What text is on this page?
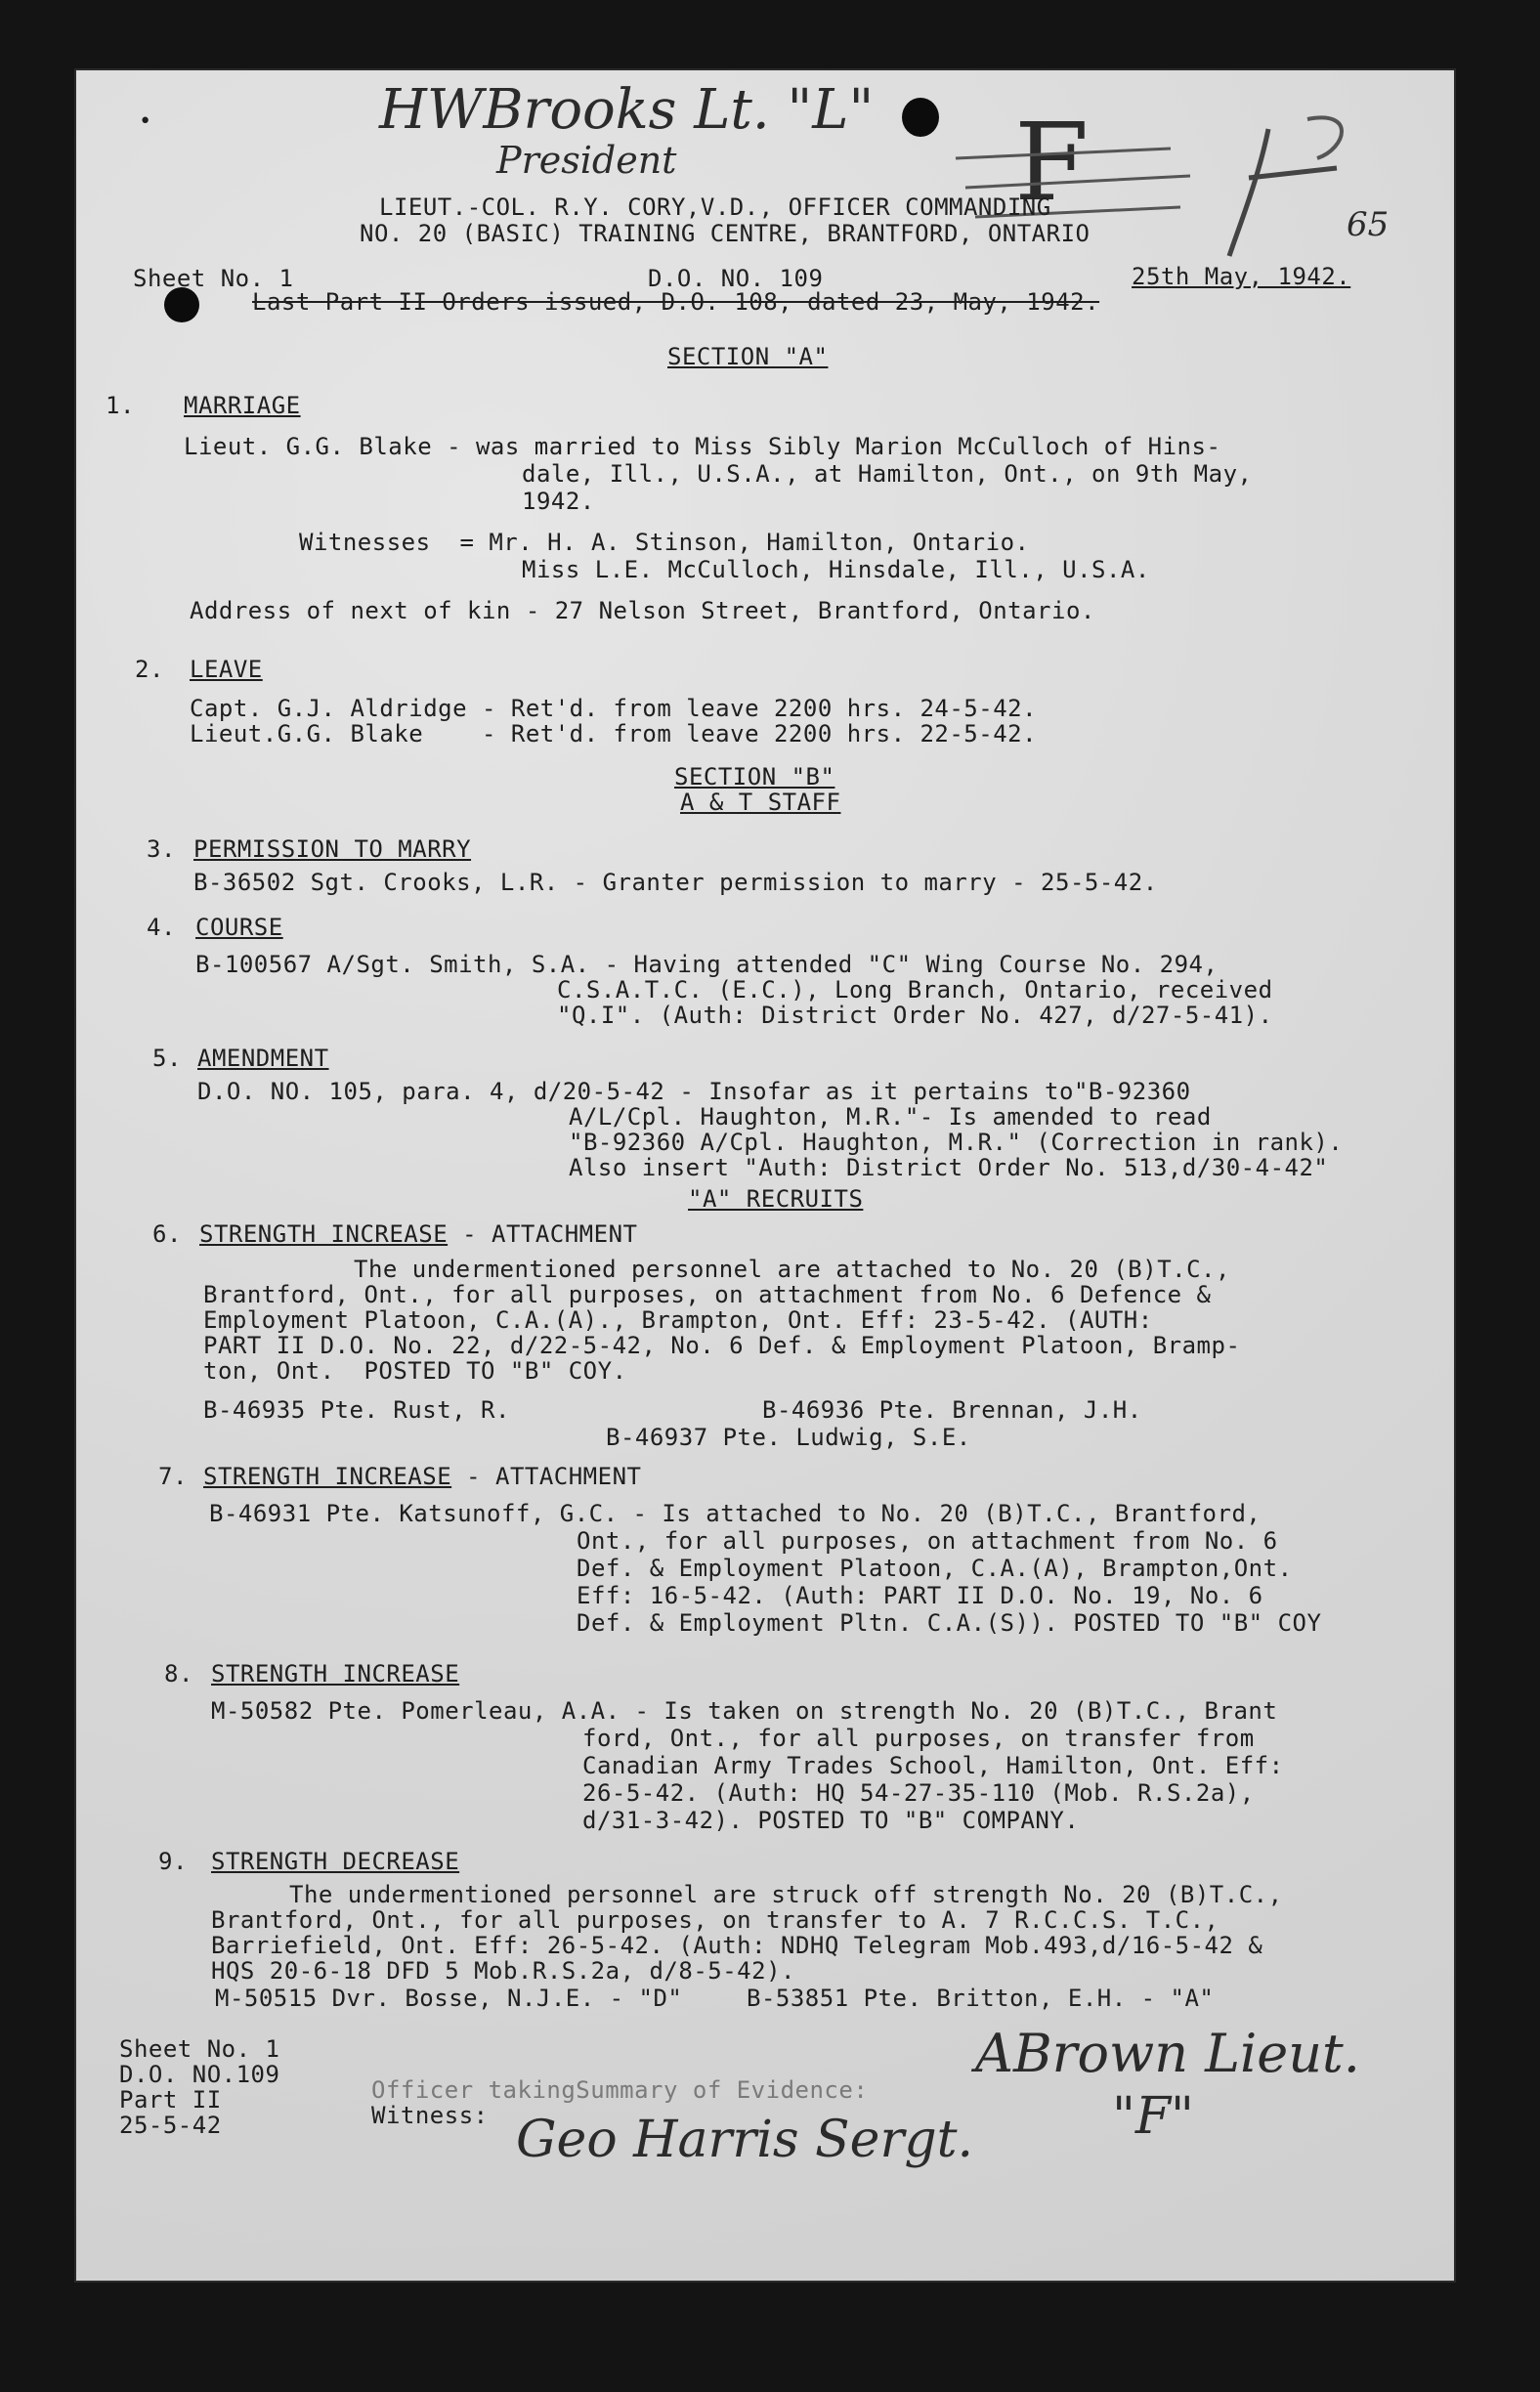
•	HWBrooks Lt. "L"
President	F	65
LIEUT.-COL. R.Y. CORY,V.D., OFFICER COMMANDING
NO. 20 (BASIC) TRAINING CENTRE, BRANTFORD, ONTARIO
Sheet No. 1	D.O. NO. 109	25th May, 1942.
Last Part II Orders issued, D.O. 108, dated 23, May, 1942.
SECTION "A"
1. MARRIAGE
Lieut. G.G. Blake - was married to Miss Sibly Marion McCulloch of Hins-
dale, Ill., U.S.A., at Hamilton, Ont., on 9th May,
1942.
Witnesses  = Mr. H. A. Stinson, Hamilton, Ontario.
Miss L.E. McCulloch, Hinsdale, Ill., U.S.A.
Address of next of kin - 27 Nelson Street, Brantford, Ontario.
2. LEAVE
Capt. G.J. Aldridge - Ret'd. from leave 2200 hrs. 24-5-42.
Lieut.G.G. Blake    - Ret'd. from leave 2200 hrs. 22-5-42.
SECTION "B"
A & T STAFF
3. PERMISSION TO MARRY
B-36502 Sgt. Crooks, L.R. - Granter permission to marry - 25-5-42.
4. COURSE
B-100567 A/Sgt. Smith, S.A. - Having attended "C" Wing Course No. 294,
C.S.A.T.C. (E.C.), Long Branch, Ontario, received
"Q.I". (Auth: District Order No. 427, d/27-5-41).
5. AMENDMENT
D.O. NO. 105, para. 4, d/20-5-42 - Insofar as it pertains to"B-92360
A/L/Cpl. Haughton, M.R."- Is amended to read
"B-92360 A/Cpl. Haughton, M.R." (Correction in rank).
Also insert "Auth: District Order No. 513,d/30-4-42"
"A" RECRUITS
6. STRENGTH INCREASE - ATTACHMENT
The undermentioned personnel are attached to No. 20 (B)T.C.,
Brantford, Ont., for all purposes, on attachment from No. 6 Defence &
Employment Platoon, C.A.(A)., Brampton, Ont. Eff: 23-5-42. (AUTH:
PART II D.O. No. 22, d/22-5-42, No. 6 Def. & Employment Platoon, Bramp-
ton, Ont.  POSTED TO "B" COY.
B-46935 Pte. Rust, R.	B-46936 Pte. Brennan, J.H.
B-46937 Pte. Ludwig, S.E.
7. STRENGTH INCREASE - ATTACHMENT
B-46931 Pte. Katsunoff, G.C. - Is attached to No. 20 (B)T.C., Brantford,
Ont., for all purposes, on attachment from No. 6
Def. & Employment Platoon, C.A.(A), Brampton,Ont.
Eff: 16-5-42. (Auth: PART II D.O. No. 19, No. 6
Def. & Employment Pltn. C.A.(S)). POSTED TO "B" COY
8. STRENGTH INCREASE
M-50582 Pte. Pomerleau, A.A. - Is taken on strength No. 20 (B)T.C., Brant
ford, Ont., for all purposes, on transfer from
Canadian Army Trades School, Hamilton, Ont. Eff:
26-5-42. (Auth: HQ 54-27-35-110 (Mob. R.S.2a),
d/31-3-42). POSTED TO "B" COMPANY.
9. STRENGTH DECREASE
The undermentioned personnel are struck off strength No. 20 (B)T.C.,
Brantford, Ont., for all purposes, on transfer to A. 7 R.C.C.S. T.C.,
Barriefield, Ont. Eff: 26-5-42. (Auth: NDHQ Telegram Mob.493,d/16-5-42 &
HQS 20-6-18 DFD 5 Mob.R.S.2a, d/8-5-42).
M-50515 Dvr. Bosse, N.J.E. - "D"	B-53851 Pte. Britton, E.H. - "A"
Sheet No. 1
D.O. NO.109
Part II
25-5-42
Officer takingSummary of Evidence:
Witness:
ABrown Lieut.
"F"
Geo Harris Sergt.
